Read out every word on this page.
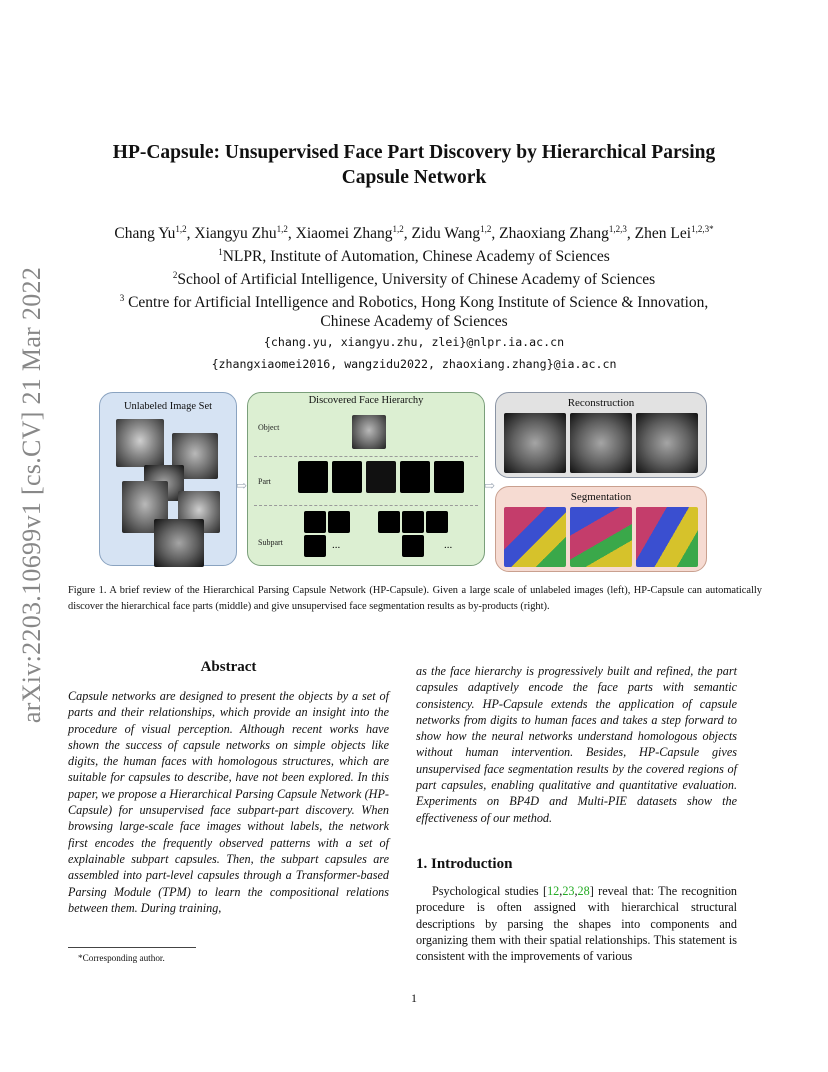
arXiv:2203.10699v1 [cs.CV] 21 Mar 2022
HP-Capsule: Unsupervised Face Part Discovery by Hierarchical Parsing
Capsule Network
Chang Yu$^{1,2}$, Xiangyu Zhu$^{1,2}$, Xiaomei Zhang$^{1,2}$, Zidu Wang$^{1,2}$, Zhaoxiang Zhang$^{1,2,3}$, Zhen Lei$^{1,2,3*}$
$^1$NLPR, Institute of Automation, Chinese Academy of Sciences
$^2$School of Artificial Intelligence, University of Chinese Academy of Sciences
$^3$ Centre for Artificial Intelligence and Robotics, Hong Kong Institute of Science & Innovation,
Chinese Academy of Sciences
{chang.yu, xiangyu.zhu, zlei}@nlpr.ia.ac.cn
{zhangxiaomei2016, wangzidu2022, zhaoxiang.zhang}@ia.ac.cn
Unlabeled Image Set
⇨
Discovered Face Hierarchy
Object
Part
Subpart	...	...
⇨
Reconstruction
Segmentation
Figure 1. A brief review of the Hierarchical Parsing Capsule Network (HP-Capsule). Given a large scale of unlabeled images (left), HP-Capsule can automatically discover the hierarchical face parts (middle) and give unsupervised face segmentation results as by-products (right).
Abstract
Capsule networks are designed to present the objects by a set of parts and their relationships, which provide an insight into the procedure of visual perception. Although recent works have shown the success of capsule networks on simple objects like digits, the human faces with homologous structures, which are suitable for capsules to describe, have not been explored. In this paper, we propose a Hierarchical Parsing Capsule Network (HP-Capsule) for unsupervised face subpart-part discovery. When browsing large-scale face images without labels, the network first encodes the frequently observed patterns with a set of explainable subpart capsules. Then, the subpart capsules are assembled into part-level capsules through a Transformer-based Parsing Module (TPM) to learn the compositional relations between them. During training,
as the face hierarchy is progressively built and refined, the part capsules adaptively encode the face parts with semantic consistency. HP-Capsule extends the application of capsule networks from digits to human faces and takes a step forward to show how the neural networks understand homologous objects without human intervention. Besides, HP-Capsule gives unsupervised face segmentation results by the covered regions of part capsules, enabling qualitative and quantitative evaluation. Experiments on BP4D and Multi-PIE datasets show the effectiveness of our method.
1. Introduction
Psychological studies [12,23,28] reveal that: The recognition procedure is often assigned with hierarchical structural descriptions by parsing the shapes into components and organizing them with their spatial relationships. This statement is consistent with the improvements of various
*Corresponding author.
1
